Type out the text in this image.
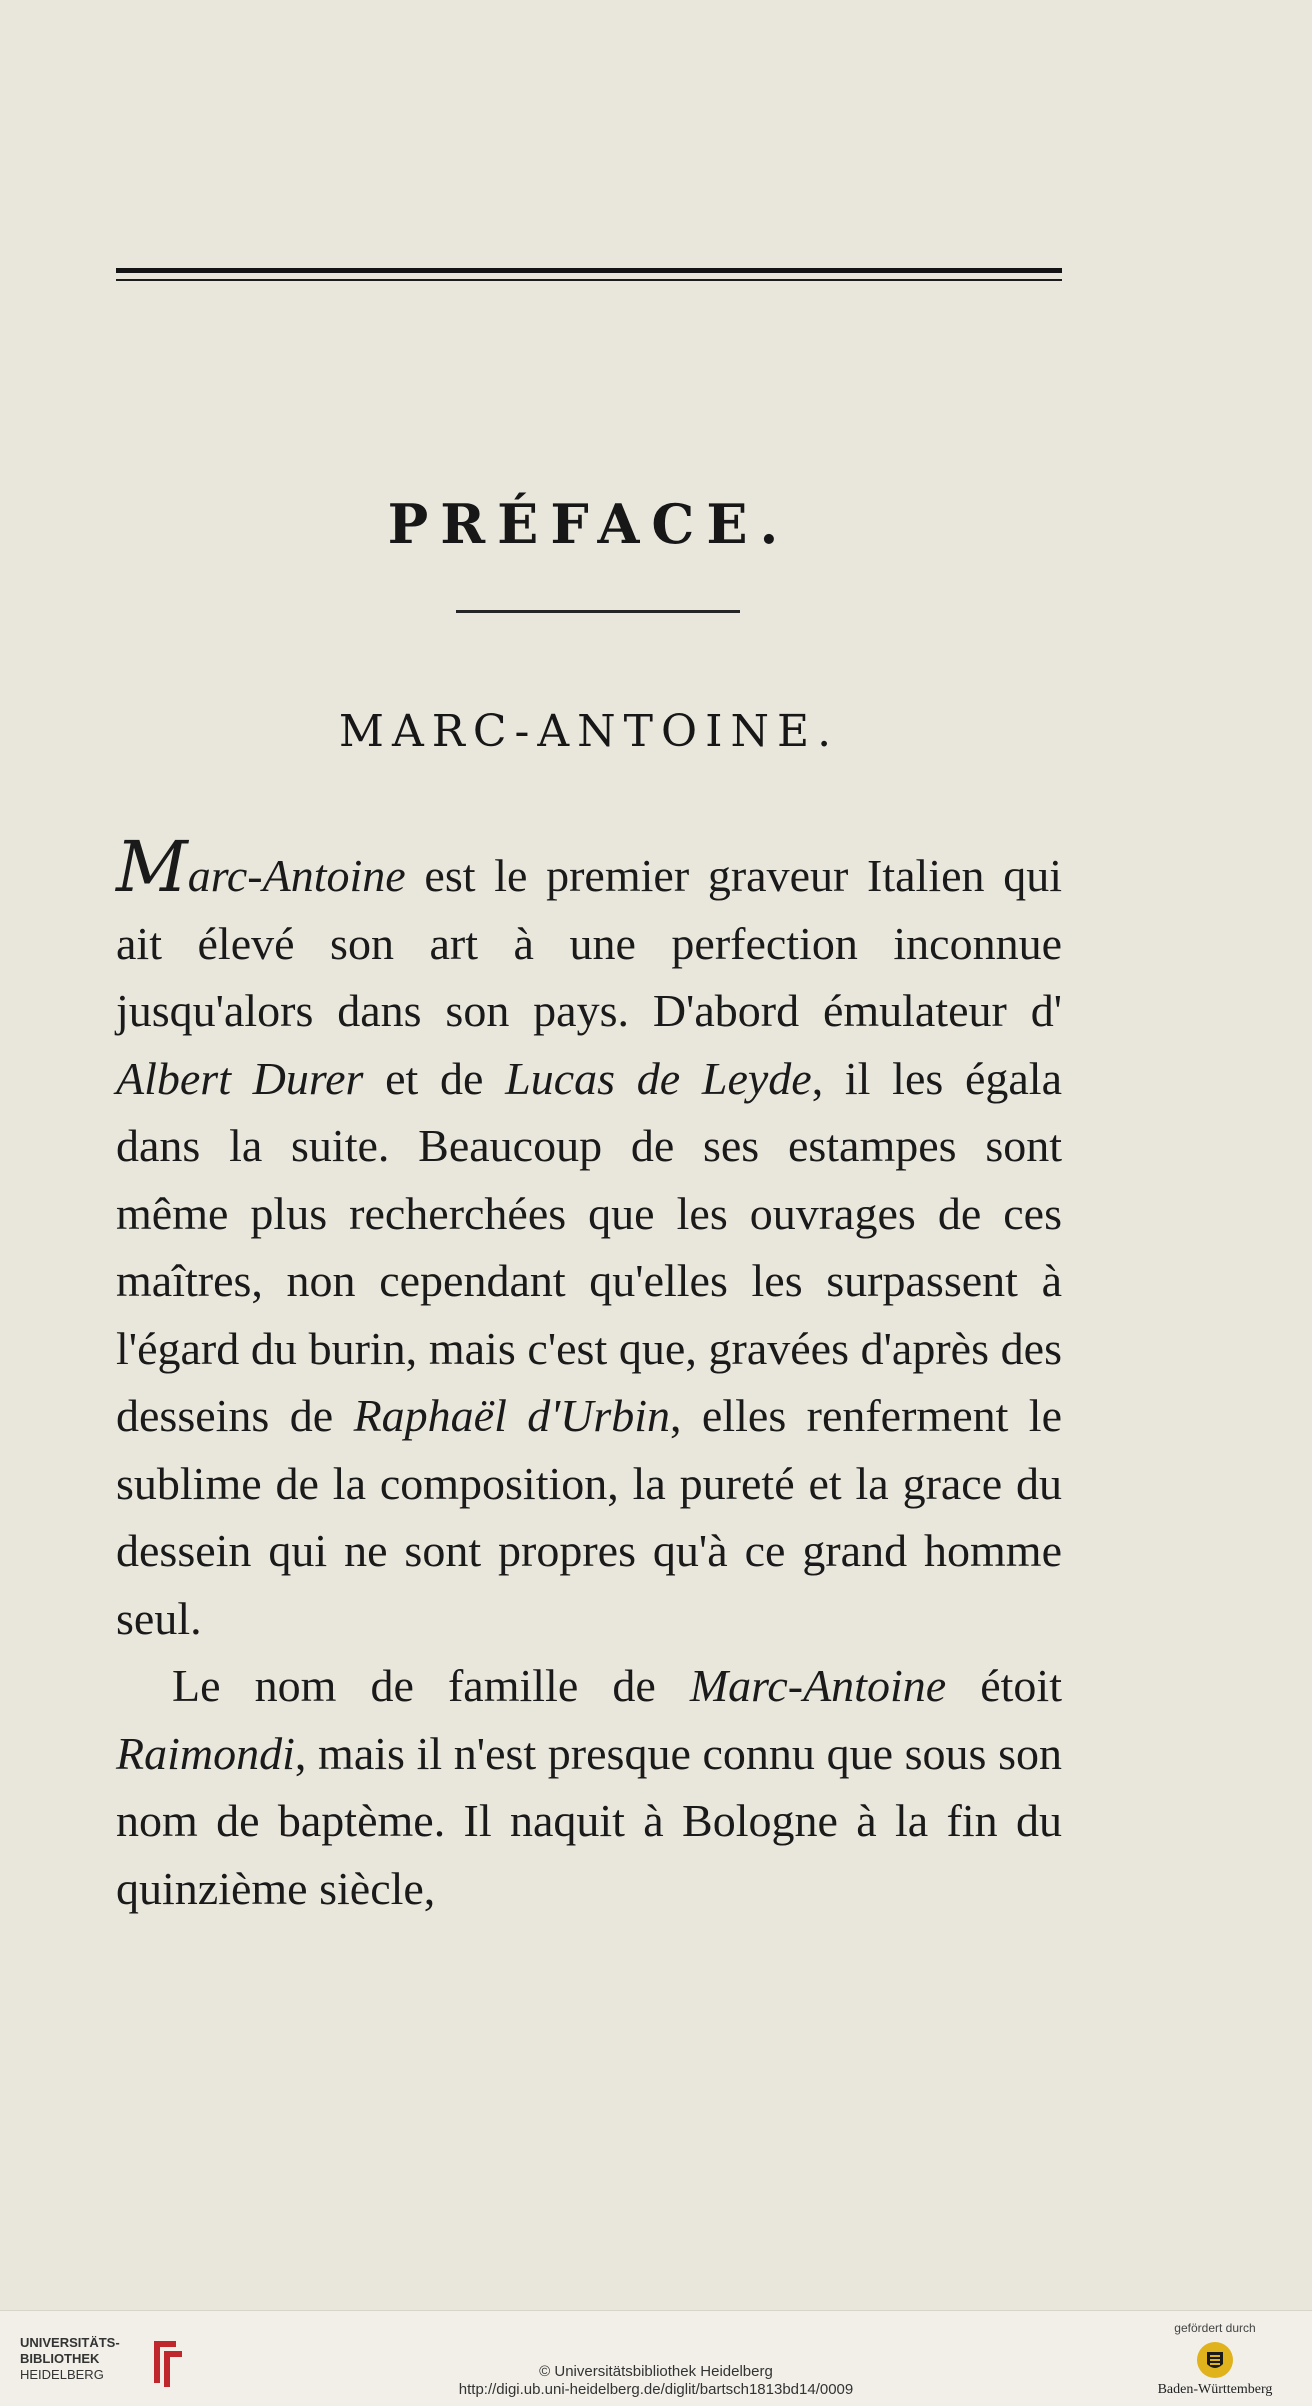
PRÉFACE.
MARC-ANTOINE.

Marc-Antoine est le premier graveur Italien qui ait élevé son art à une perfection inconnue jusqu'alors dans son pays. D'abord émulateur d' Albert Durer et de Lucas de Leyde, il les égala dans la suite. Beaucoup de ses estampes sont même plus recherchées que les ouvrages de ces maîtres, non cependant qu'elles les surpassent à l'égard du burin, mais c'est que, gravées d'après des desseins de Raphaël d'Urbin, elles renferment le sublime de la composition, la pureté et la grace du dessein qui ne sont propres qu'à ce grand homme seul.

Le nom de famille de Marc-Antoine étoit Raimondi, mais il n'est presque connu que sous son nom de baptème. Il naquit à Bologne à la fin du quinzième siècle,

UNIVERSITÄTS-
BIBLIOTHEK
HEIDELBERG	© Universitätsbibliothek Heidelberg
http://digi.ub.uni-heidelberg.de/diglit/bartsch1813bd14/0009
gefördert durch
Baden-Württemberg
